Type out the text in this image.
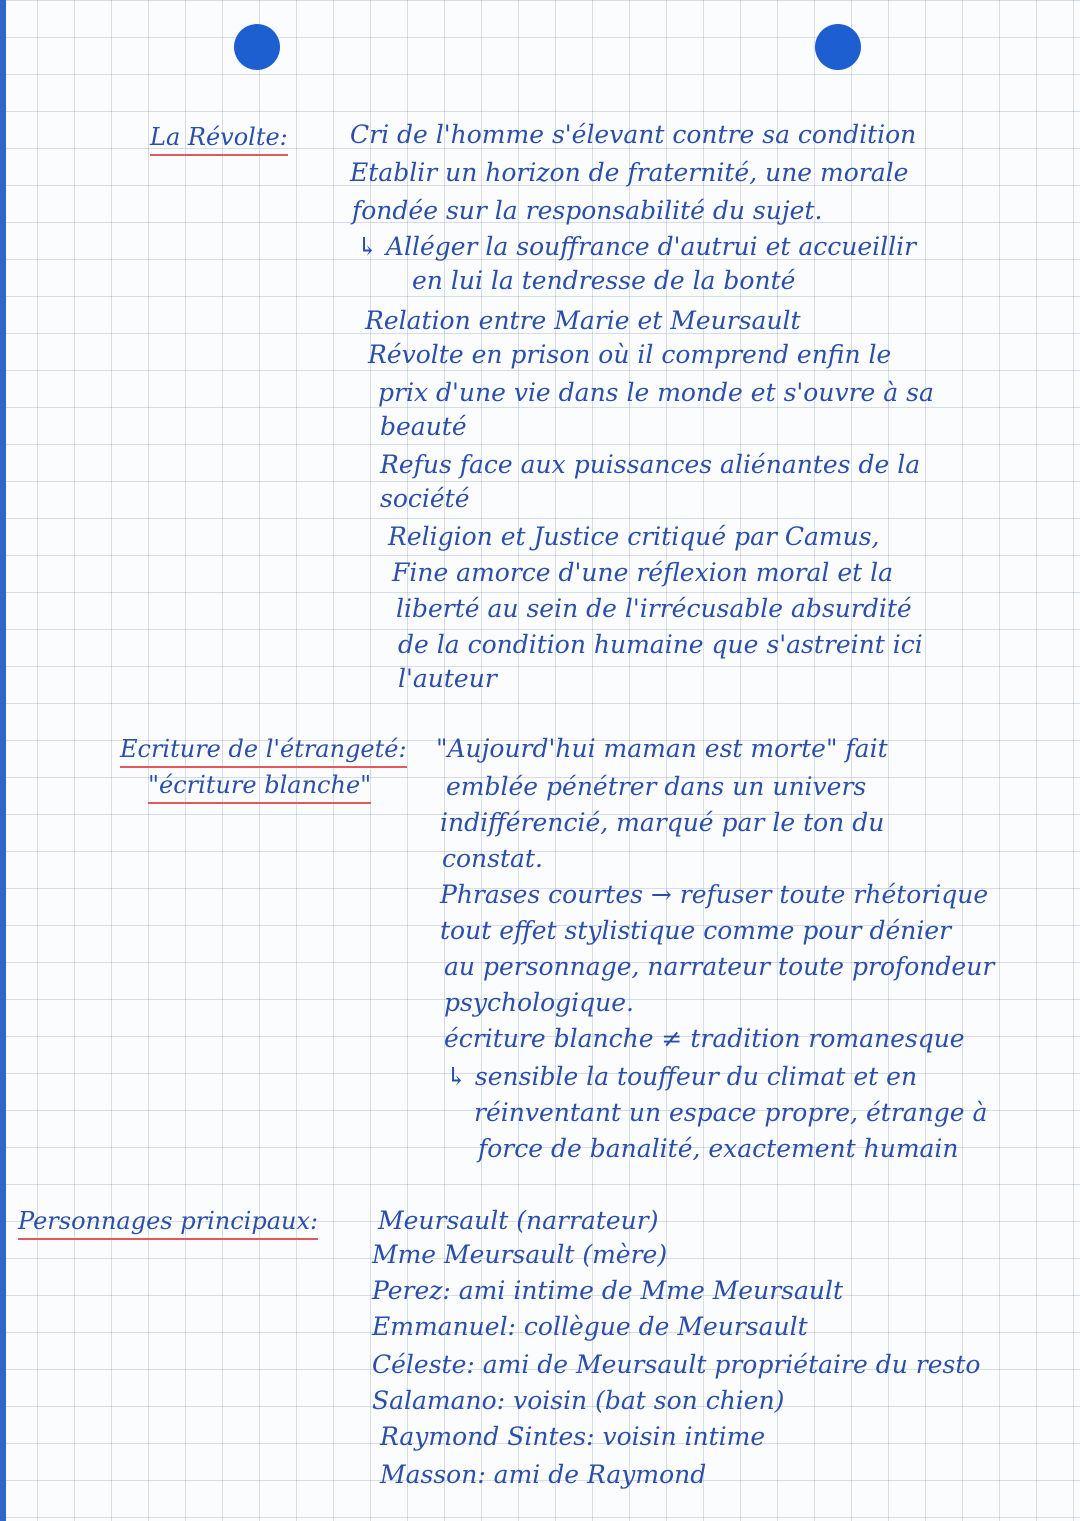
La Révolte: Cri de l'homme s'élevant contre sa condition
Etablir un horizon de fraternité, une morale
fondée sur la responsabilité du sujet.
↳ Alléger la souffrance d'autrui et accueillir
en lui la tendresse de la bonté
Relation entre Marie et Meursault
Révolte en prison où il comprend enfin le
prix d'une vie dans le monde et s'ouvre à sa
beauté
Refus face aux puissances aliénantes de la
société
Religion et Justice critiqué par Camus,
Fine amorce d'une réflexion moral et la
liberté au sein de l'irrécusable absurdité
de la condition humaine que s'astreint ici
l'auteur
Ecriture de l'étrangeté:
"écriture blanche"
"Aujourd'hui maman est morte" fait
emblée pénétrer dans un univers
indifférencié, marqué par le ton du
constat.
Phrases courtes → refuser toute rhétorique
tout effet stylistique comme pour dénier
au personnage, narrateur toute profondeur
psychologique.
écriture blanche ≠ tradition romanesque
↳ sensible la touffeur du climat et en
réinventant un espace propre, étrange à
force de banalité, exactement humain
Personnages principaux: Meursault (narrateur)
Mme Meursault (mère)
Perez: ami intime de Mme Meursault
Emmanuel: collègue de Meursault
Céleste: ami de Meursault propriétaire du resto
Salamano: voisin (bat son chien)
Raymond Sintes: voisin intime
Masson: ami de Raymond
